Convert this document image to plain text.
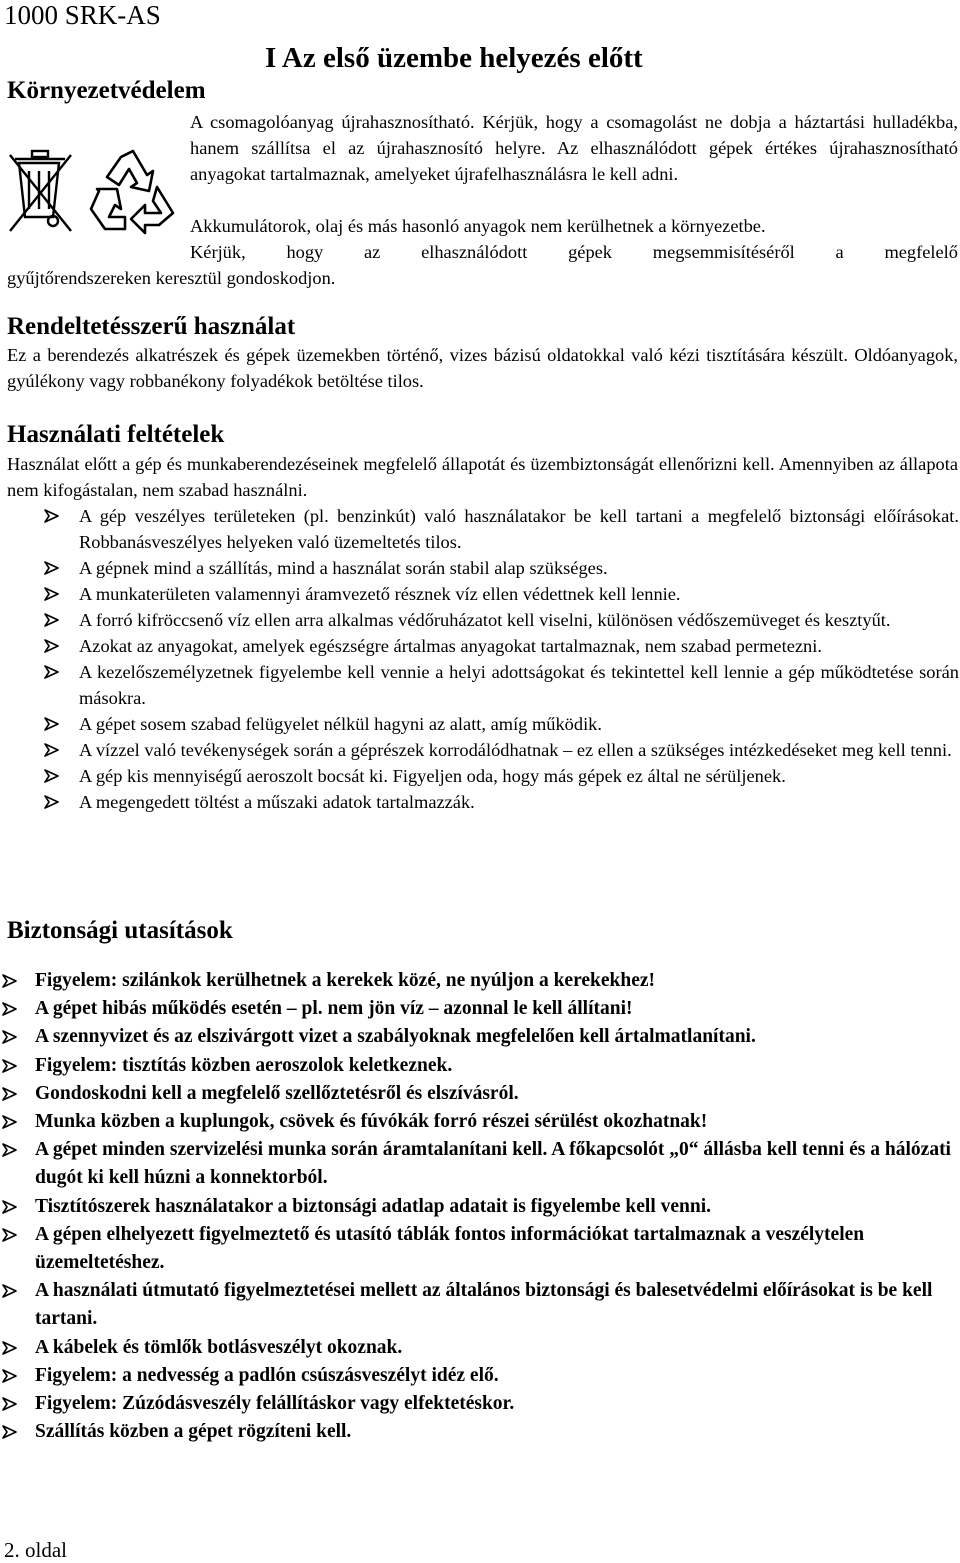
1000 SRK-AS
I Az első üzembe helyezés előtt
Környezetvédelem

A csomagolóanyag újrahasznosítható. Kérjük, hogy a csomagolást ne dobja a háztartási hulladékba, hanem szállítsa el az újrahasznosító helyre. Az elhasználódott gépek értékes újrahasznosítható anyagokat tartalmaznak, amelyeket újrafelhasználásra le kell adni.

Akkumulátorok, olaj és más hasonló anyagok nem kerülhetnek a környezetbe.

Kérjük, hogy az elhasználódott gépek megsemmisítéséről a megfelelő

gyűjtőrendszereken keresztül gondoskodjon.

Rendeltetésszerű használat

Ez a berendezés alkatrészek és gépek üzemekben történő, vizes bázisú oldatokkal való kézi tisztítására készült. Oldóanyagok, gyúlékony vagy robbanékony folyadékok betöltése tilos.

Használati feltételek

Használat előtt a gép és munkaberendezéseinek megfelelő állapotát és üzembiztonságát ellenőrizni kell. Amennyiben az állapota nem kifogástalan, nem szabad használni.

A gép veszélyes területeken (pl. benzinkút) való használatakor be kell tartani a megfelelő biztonsági előírásokat. Robbanásveszélyes helyeken való üzemeltetés tilos.
A gépnek mind a szállítás, mind a használat során stabil alap szükséges.
A munkaterületen valamennyi áramvezető résznek víz ellen védettnek kell lennie.
A forró kifröccsenő víz ellen arra alkalmas védőruházatot kell viselni, különösen védőszemüveget és kesztyűt.
Azokat az anyagokat, amelyek egészségre ártalmas anyagokat tartalmaznak, nem szabad permetezni.
A kezelőszemélyzetnek figyelembe kell vennie a helyi adottságokat és tekintettel kell lennie a gép működtetése során másokra.
A gépet sosem szabad felügyelet nélkül hagyni az alatt, amíg működik.
A vízzel való tevékenységek során a gépré​szek korrodálódhatnak – ez ellen a szükséges intézkedéseket meg kell tenni.
A gép kis mennyiségű aeroszolt bocsát ki. Figyeljen oda, hogy más gépek ez által ne sérüljenek.
A megengedett töltést a műszaki adatok tartalmazzák.
Biztonsági utasítások
Figyelem: szilánkok kerülhetnek a kerekek közé, ne nyúljon a kerekekhez!
A gépet hibás működés esetén – pl. nem jön víz – azonnal le kell állítani!
A szennyvizet és az elszivárgott vizet a szabályoknak megfelelően kell ártalmatlanítani.
Figyelem: tisztítás közben aeroszolok keletkeznek.
Gondoskodni kell a megfelelő szellőztetésről és elszívásról.
Munka közben a kuplungok, csövek és fúvókák forró részei sérülést okozhatnak!
A gépet minden szervizelési munka során áramtalanítani kell. A főkapcsolót „0“ állásba kell tenni és a hálózati dugót ki kell húzni a konnektorból.
Tisztítószerek használatakor a biztonsági adatlap adatait is figyelembe kell venni.
A gépen elhelyezett figyelmeztető és utasító táblák fontos információkat tartalmaznak a veszélytelen üzemeltetéshez.
A használati útmutató figyelmeztetései mellett az általános biztonsági és balesetvédelmi előírásokat is be kell tartani.
A kábelek és tömlők botlásveszélyt okoznak.
Figyelem: a nedvesség a padlón csúszásveszélyt idéz elő.
Figyelem: Zúzódásveszély felállításkor vagy elfektetéskor.
Szállítás közben a gépet rögzíteni kell.
2. oldal
